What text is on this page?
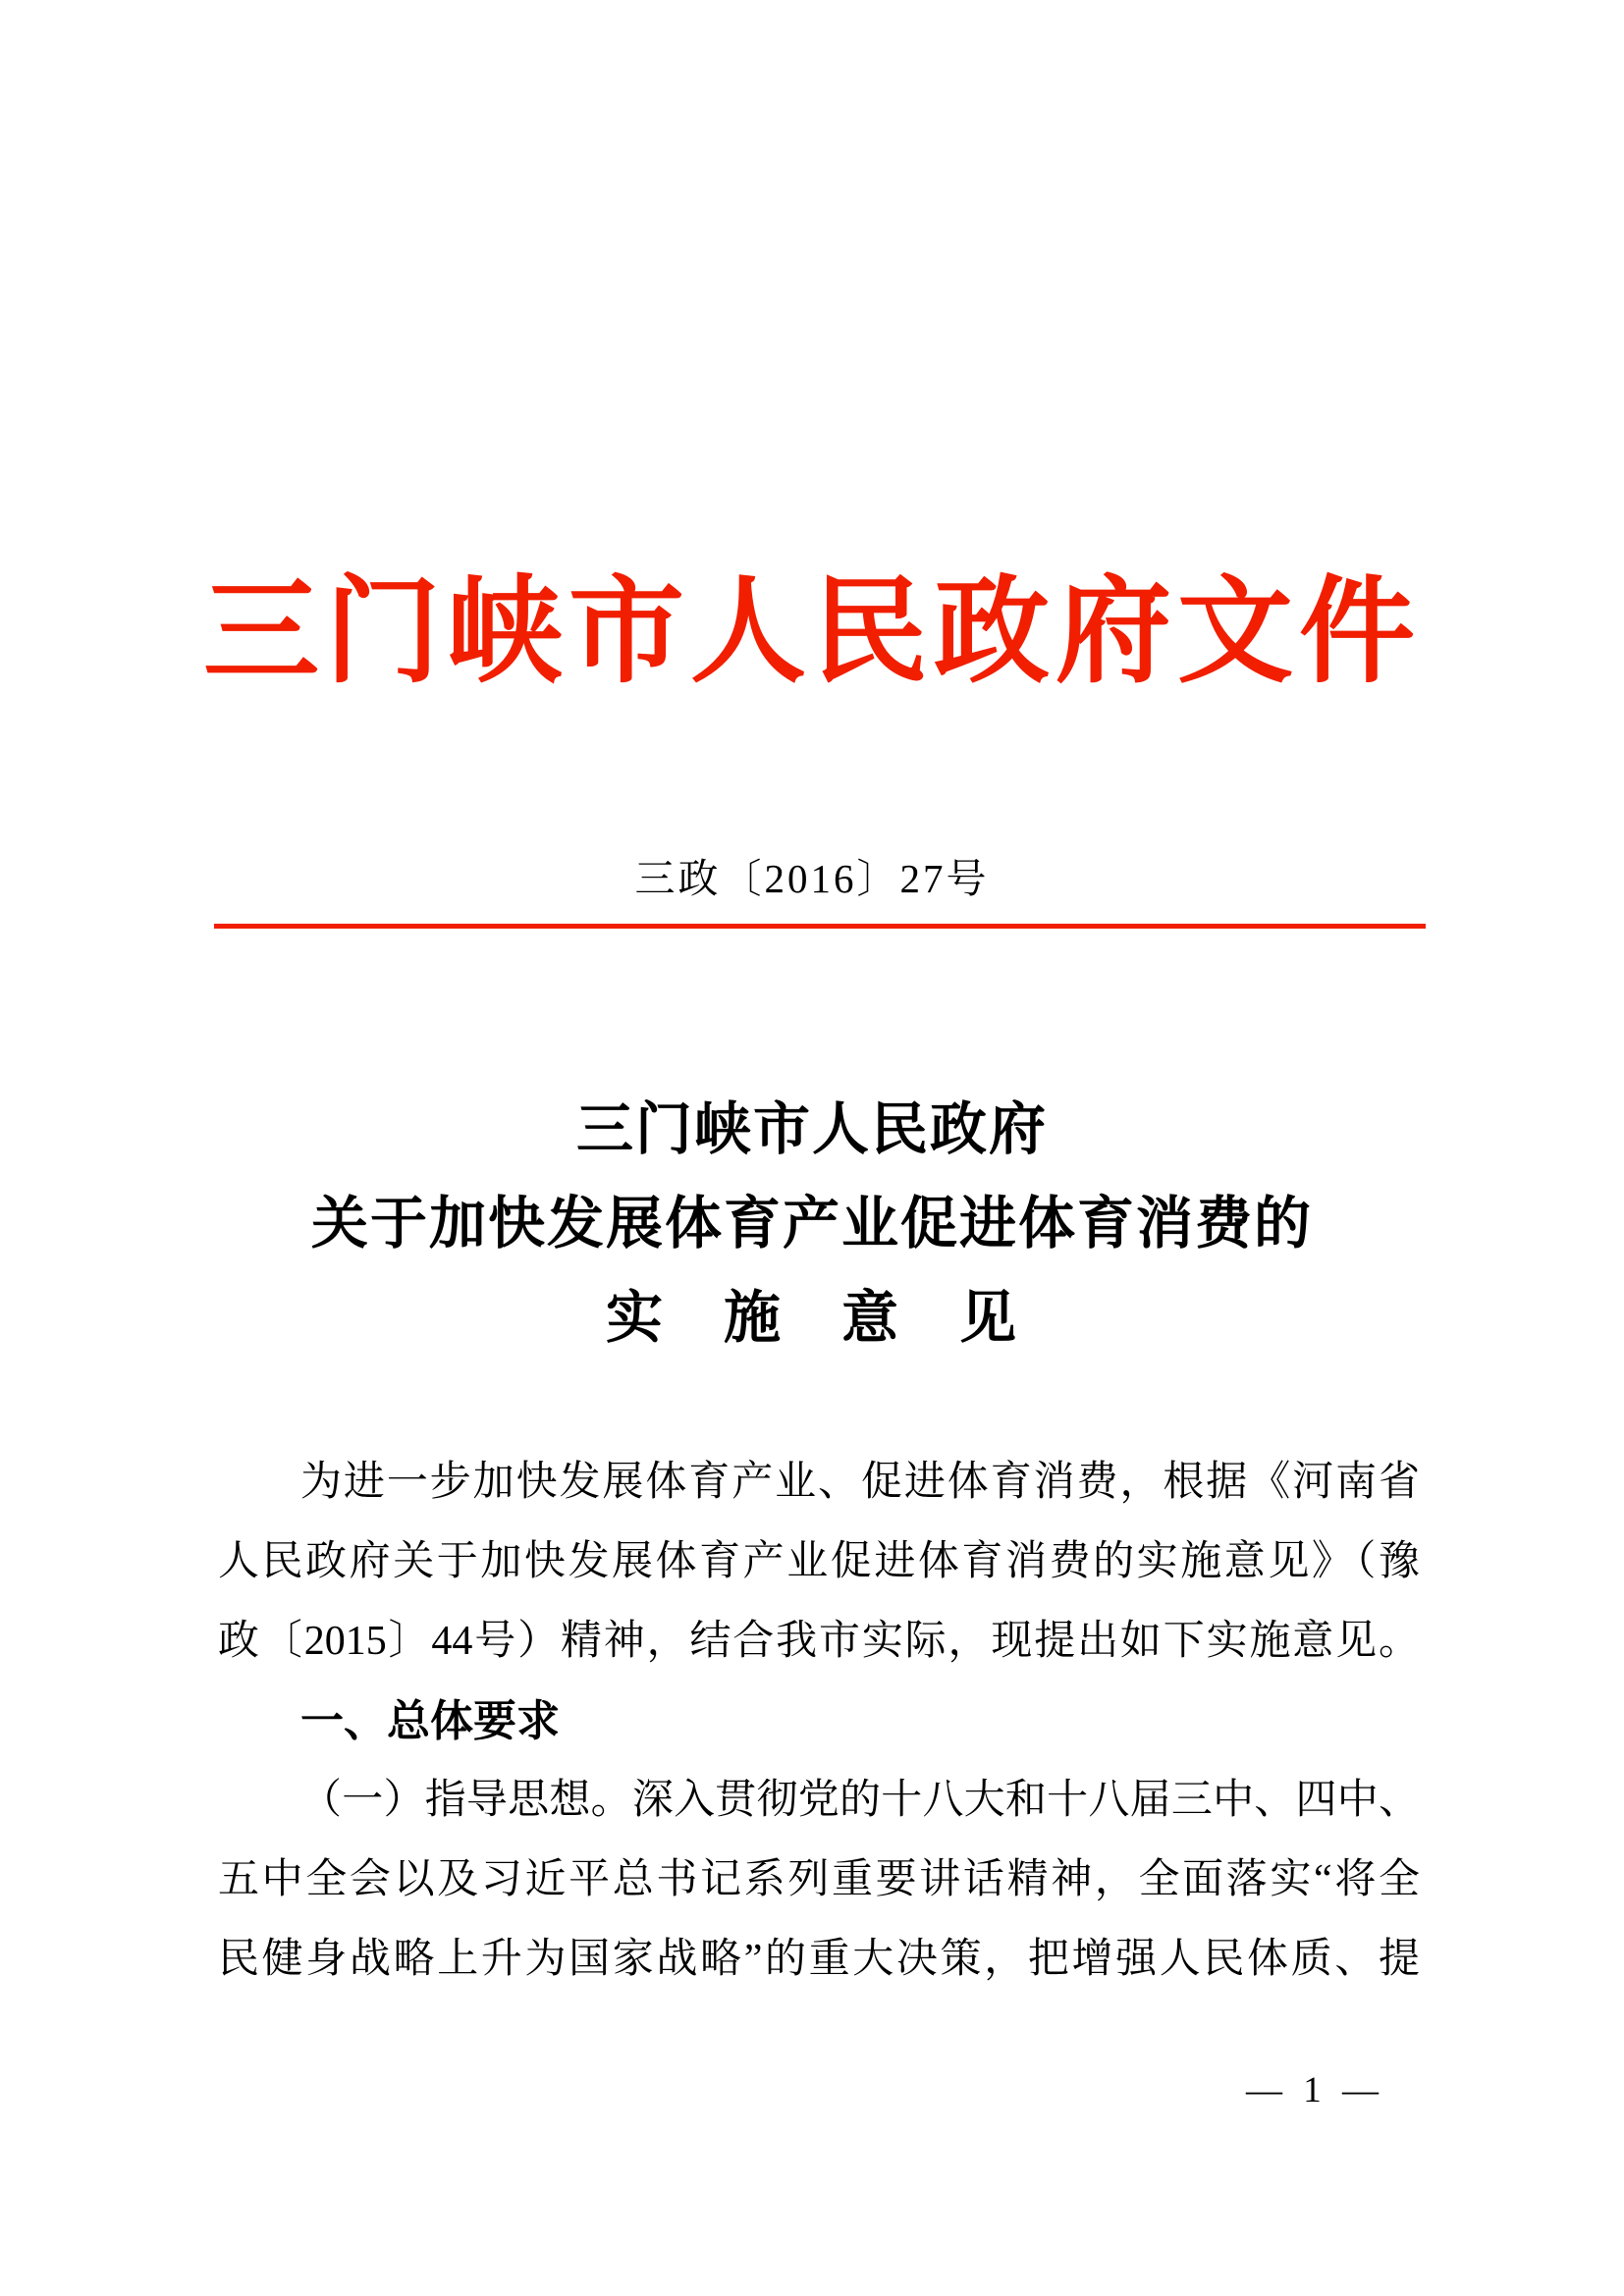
三门峡市人民政府文件
三政〔2016〕27号
三门峡市人民政府
关于加快发展体育产业促进体育消费的
实　施　意　见
为进一步加快发展体育产业、促进体育消费，根据《河南省
人民政府关于加快发展体育产业促进体育消费的实施意见》（豫
政〔2015〕44号）精神，结合我市实际，现提出如下实施意见。
一、总体要求
（一）指导思想。深入贯彻党的十八大和十八届三中、四中、
五中全会以及习近平总书记系列重要讲话精神，全面落实“将全
民健身战略上升为国家战略”的重大决策，把增强人民体质、提
— 1 —
